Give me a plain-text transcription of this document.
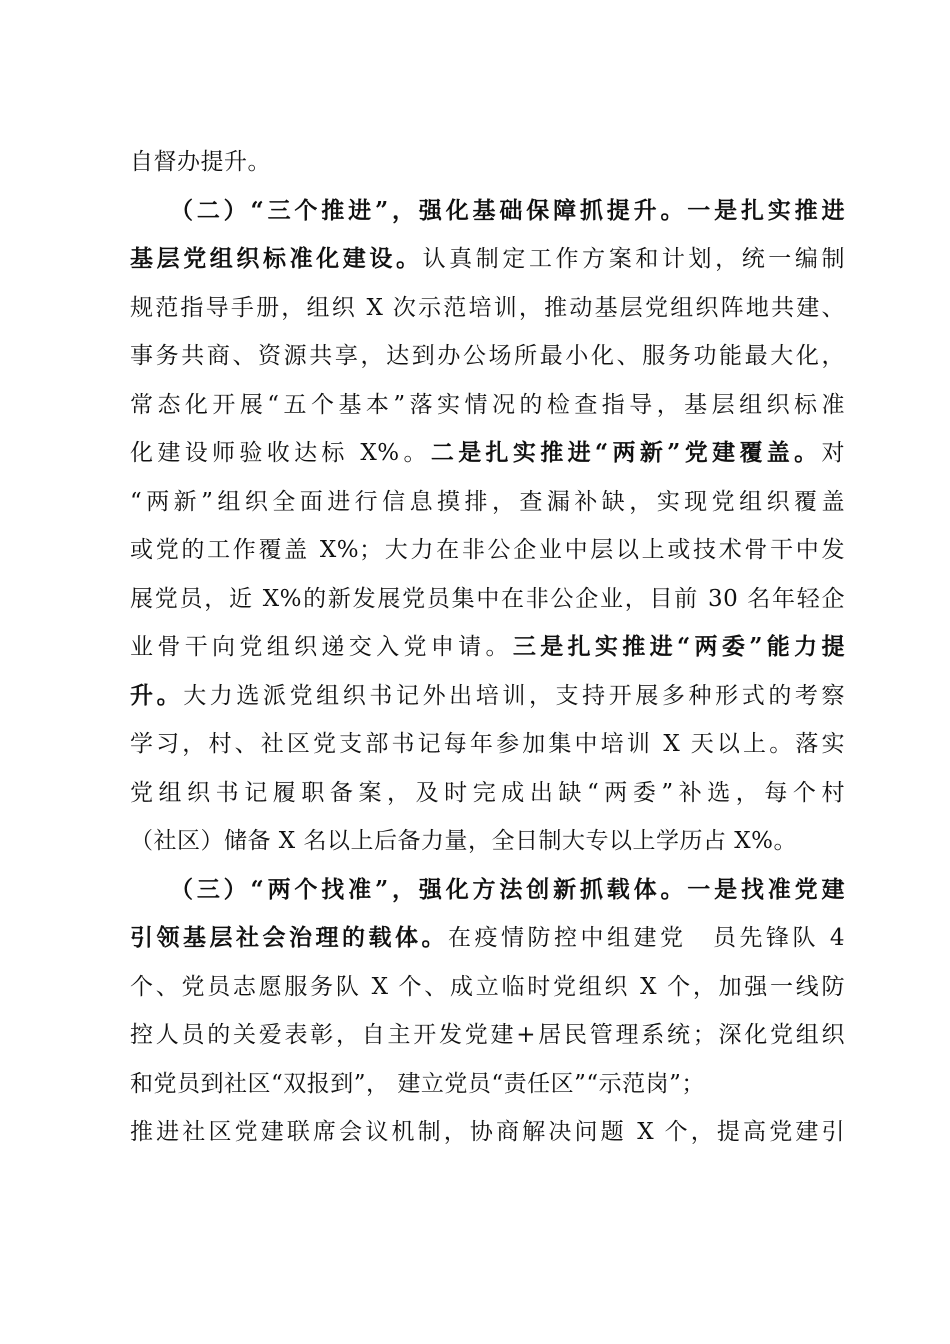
自督办提升。
（二）“三个推进”，强化基础保障抓提升。一是扎实推进
基层党组织标准化建设。认真制定工作方案和计划，统一编制
规范指导手册，组织 X 次示范培训，推动基层党组织阵地共建、
事务共商、资源共享，达到办公场所最小化、服务功能最大化，
常态化开展“五个基本”落实情况的检查指导，基层组织标准
化建设师验收达标 X%。二是扎实推进“两新”党建覆盖。对
“两新”组织全面进行信息摸排，查漏补缺，实现党组织覆盖
或党的工作覆盖 X%；大力在非公企业中层以上或技术骨干中发
展党员，近 X%的新发展党员集中在非公企业，目前 30 名年轻企
业骨干向党组织递交入党申请。三是扎实推进“两委”能力提
升。大力选派党组织书记外出培训，支持开展多种形式的考察
学习，村、社区党支部书记每年参加集中培训 X 天以上。落实
党组织书记履职备案，及时完成出缺“两委”补选，每个村
（社区）储备 X 名以上后备力量，全日制大专以上学历占 X%。
（三）“两个找准”，强化方法创新抓载体。一是找准党建
引领基层社会治理的载体。在疫情防控中组建党　员先锋队 4
个、党员志愿服务队 X 个、成立临时党组织 X 个，加强一线防
控人员的关爱表彰，自主开发党建+居民管理系统；深化党组织
和党员到社区“双报到”， 建立党员“责任区”“示范岗”；
推进社区党建联席会议机制，协商解决问题 X 个，提高党建引
